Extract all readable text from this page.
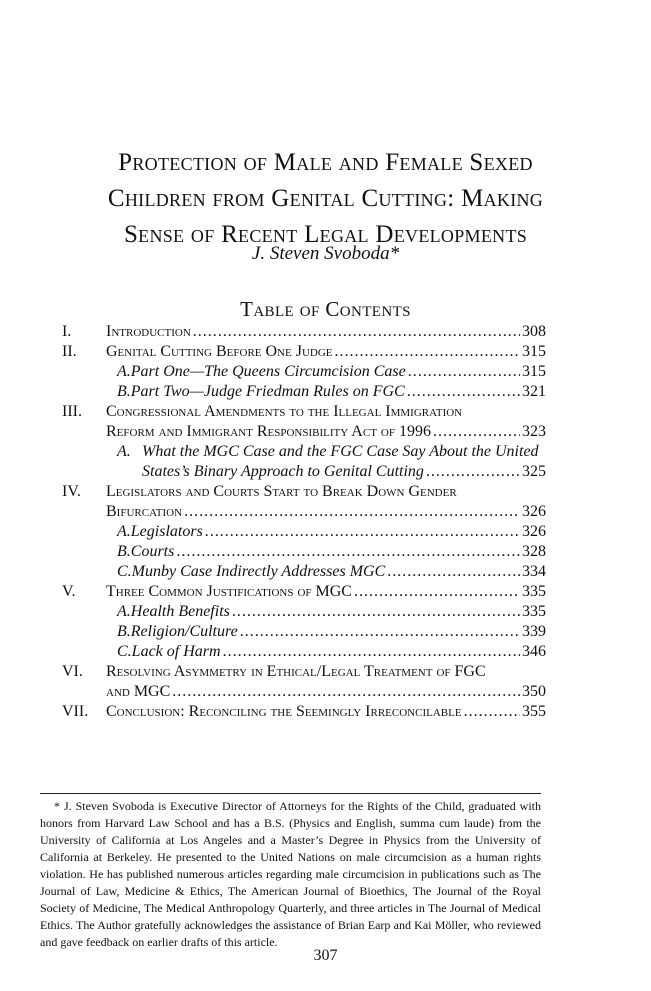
Protection of Male and Female Sexed
Children from Genital Cutting: Making
Sense of Recent Legal Developments
J. Steven Svoboda*
Table of Contents
I. Introduction .....	308
II. Genital Cutting Before One Judge .....	315
A. Part One—The Queens Circumcision Case .....	315
B. Part Two—Judge Friedman Rules on FGC .....	321
III. Congressional Amendments to the Illegal Immigration
Reform and Immigrant Responsibility Act of 1996 .....	323
A. What the MGC Case and the FGC Case Say About the United
States’s Binary Approach to Genital Cutting .....	325
IV. Legislators and Courts Start to Break Down Gender
Bifurcation .....	326
A. Legislators .....	326
B. Courts .....	328
C. Munby Case Indirectly Addresses MGC .....	334
V. Three Common Justifications of MGC .....	335
A. Health Benefits .....	335
B. Religion/Culture .....	339
C. Lack of Harm .....	346
VI. Resolving Asymmetry in Ethical/Legal Treatment of FGC
and MGC .....	350
VII. Conclusion: Reconciling the Seemingly Irreconcilable .....	355
* J. Steven Svoboda is Executive Director of Attorneys for the Rights of the Child, graduated with honors from Harvard Law School and has a B.S. (Physics and English, summa cum laude) from the University of California at Los Angeles and a Master’s Degree in Physics from the University of California at Berkeley. He presented to the United Nations on male circumcision as a human rights violation. He has published numerous articles regarding male circumcision in publications such as The Journal of Law, Medicine & Ethics, The American Journal of Bioethics, The Journal of the Royal Society of Medicine, The Medical Anthropology Quarterly, and three articles in The Journal of Medical Ethics. The Author gratefully acknowledges the assistance of Brian Earp and Kai Möller, who reviewed and gave feedback on earlier drafts of this article.
307
